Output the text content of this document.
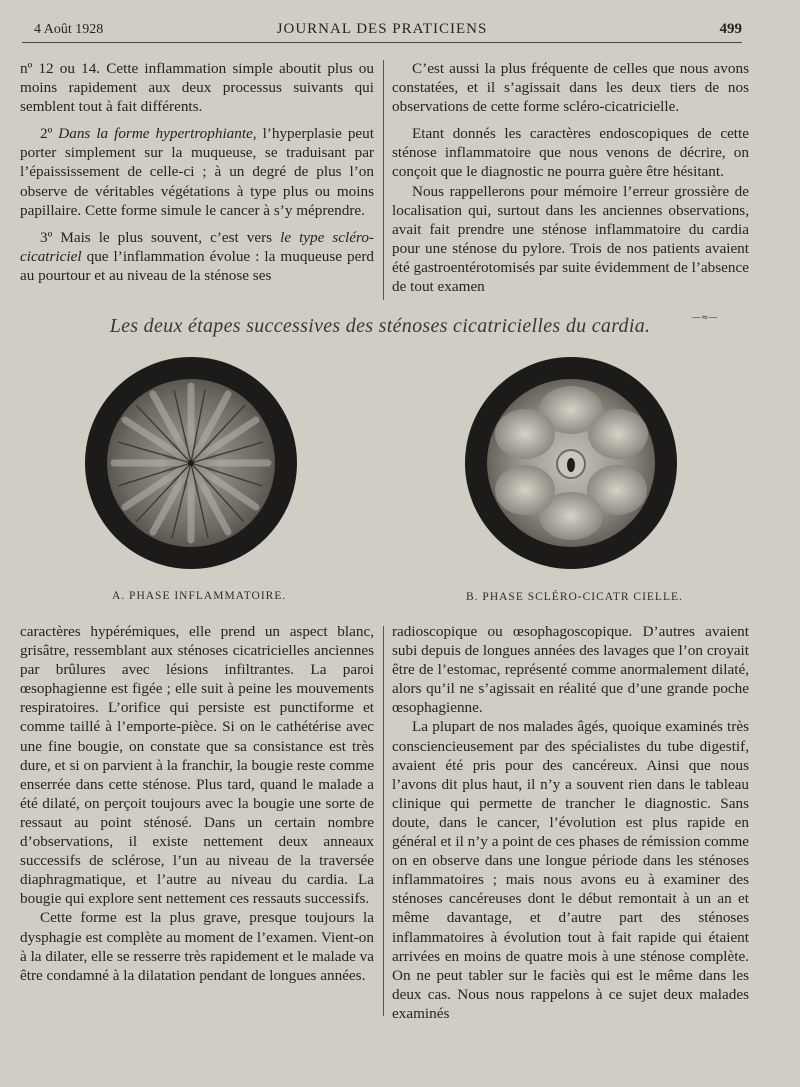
4 Août 1928	JOURNAL DES PRATICIENS	499

nº 12 ou 14. Cette inflammation simple aboutit plus ou moins rapidement aux deux processus suivants qui semblent tout à fait différents.

2º Dans la forme hypertrophiante, l’hyperplasie peut porter simplement sur la muqueuse, se traduisant par l’épaississement de celle-ci ; à un degré de plus l’on observe de véritables végétations à type plus ou moins papillaire. Cette forme simule le cancer à s’y méprendre.

3º Mais le plus souvent, c’est vers le type scléro-cicatriciel que l’inflammation évolue : la muqueuse perd au pourtour et au niveau de la sténose ses

C’est aussi la plus fréquente de celles que nous avons constatées, et il s’agissait dans les deux tiers de nos observations de cette forme scléro-cicatricielle.

Etant donnés les caractères endoscopiques de cette sténose inflammatoire que nous venons de décrire, on conçoit que le diagnostic ne pourra guère être hésitant.

Nous rappellerons pour mémoire l’erreur grossière de localisation qui, surtout dans les anciennes observations, avait fait prendre une sténose inflammatoire du cardia pour une sténose du pylore. Trois de nos patients avaient été gastroentérotomisés par suite évidemment de l’absence de tout examen

Les deux étapes successives des sténoses cicatricielles du cardia.	—≈—
A. PHASE INFLAMMATOIRE.	B. PHASE SCLÉRO-CICATR CIELLE.

caractères hypérémiques, elle prend un aspect blanc, grisâtre, ressemblant aux sténoses cicatricielles anciennes par brûlures avec lésions infiltrantes. La paroi œsophagienne est figée ; elle suit à peine les mouvements respiratoires. L’orifice qui persiste est punctiforme et comme taillé à l’emporte-pièce. Si on le cathétérise avec une fine bougie, on constate que sa consistance est très dure, et si on parvient à la franchir, la bougie reste comme enserrée dans cette sténose. Plus tard, quand le malade a été dilaté, on perçoit toujours avec la bougie une sorte de ressaut au point sténosé. Dans un certain nombre d’observations, il existe nettement deux anneaux successifs de sclérose, l’un au niveau de la traversée diaphragmatique, et l’autre au niveau du cardia. La bougie qui explore sent nettement ces ressauts successifs.

Cette forme est la plus grave, presque toujours la dysphagie est complète au moment de l’examen. Vient-on à la dilater, elle se resserre très rapidement et le malade va être condamné à la dilatation pendant de longues années.

radioscopique ou œsophagoscopique. D’autres avaient subi depuis de longues années des lavages que l’on croyait être de l’estomac, représenté comme anormalement dilaté, alors qu’il ne s’agissait en réalité que d’une grande poche œsophagienne.

La plupart de nos malades âgés, quoique examinés très consciencieusement par des spécialistes du tube digestif, avaient été pris pour des cancéreux. Ainsi que nous l’avons dit plus haut, il n’y a souvent rien dans le tableau clinique qui permette de trancher le diagnostic. Sans doute, dans le cancer, l’évolution est plus rapide en général et il n’y a point de ces phases de rémission comme on en observe dans une longue période dans les sténoses inflammatoires ; mais nous avons eu à examiner des sténoses cancéreuses dont le début remontait à un an et même davantage, et d’autre part des sténoses inflammatoires à évolution tout à fait rapide qui étaient arrivées en moins de quatre mois à une sténose complète. On ne peut tabler sur le faciès qui est le même dans les deux cas. Nous nous rappelons à ce sujet deux malades examinés
